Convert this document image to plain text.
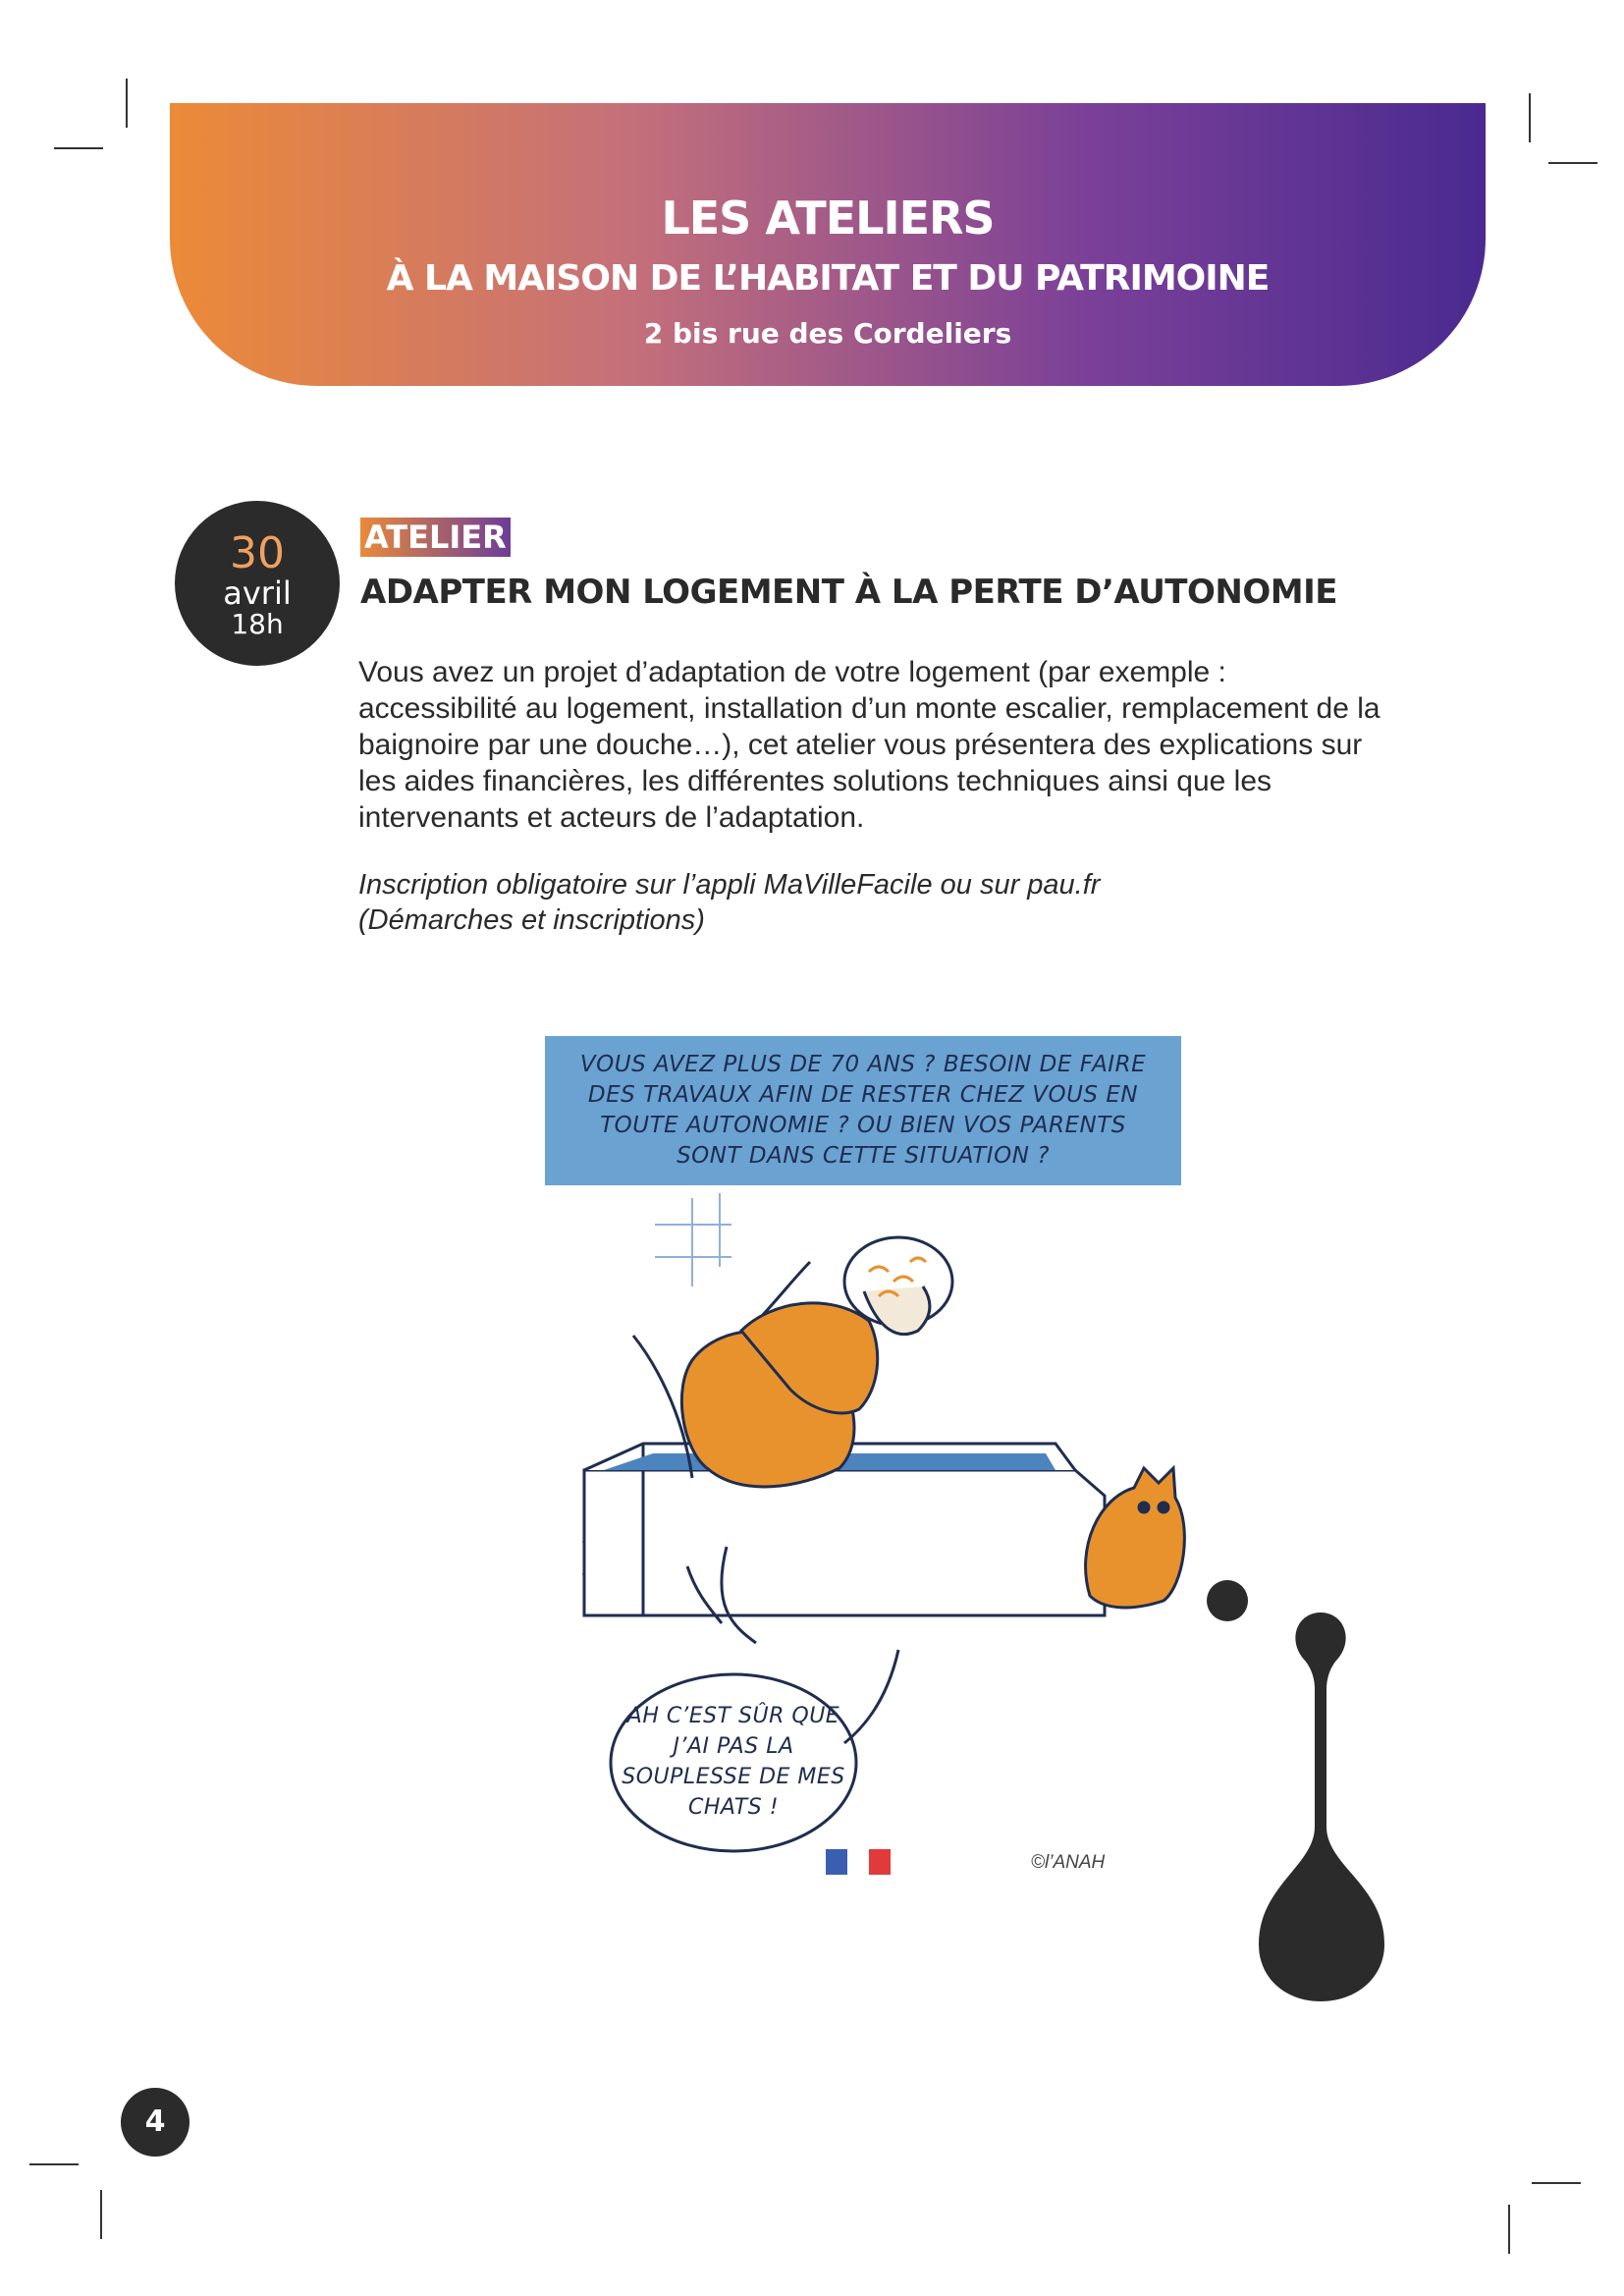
LES ATELIERS
À LA MAISON DE L’HABITAT ET DU PATRIMOINE
2 bis rue des Cordeliers
30
avril
18h
ATELIER
ADAPTER MON LOGEMENT À LA PERTE D’AUTONOMIE

Vous avez un projet d’adaptation de votre logement (par exemple : accessibilité au logement, installation d’un monte escalier, remplacement de la baignoire par une douche…), cet atelier vous présentera des explications sur les aides financières, les différentes solutions techniques ainsi que les intervenants et acteurs de l’adaptation.

Inscription obligatoire sur l’appli MaVilleFacile ou sur pau.fr
(Démarches et inscriptions)

VOUS AVEZ PLUS DE 70 ANS ? BESOIN DE FAIRE DES TRAVAUX AFIN DE RESTER CHEZ VOUS EN TOUTE AUTONOMIE ? OU BIEN VOS PARENTS SONT DANS CETTE SITUATION ?
AH C’EST SÛR QUE J’AI PAS LA SOUPLESSE DE MES CHATS !
©l’ANAH
4
